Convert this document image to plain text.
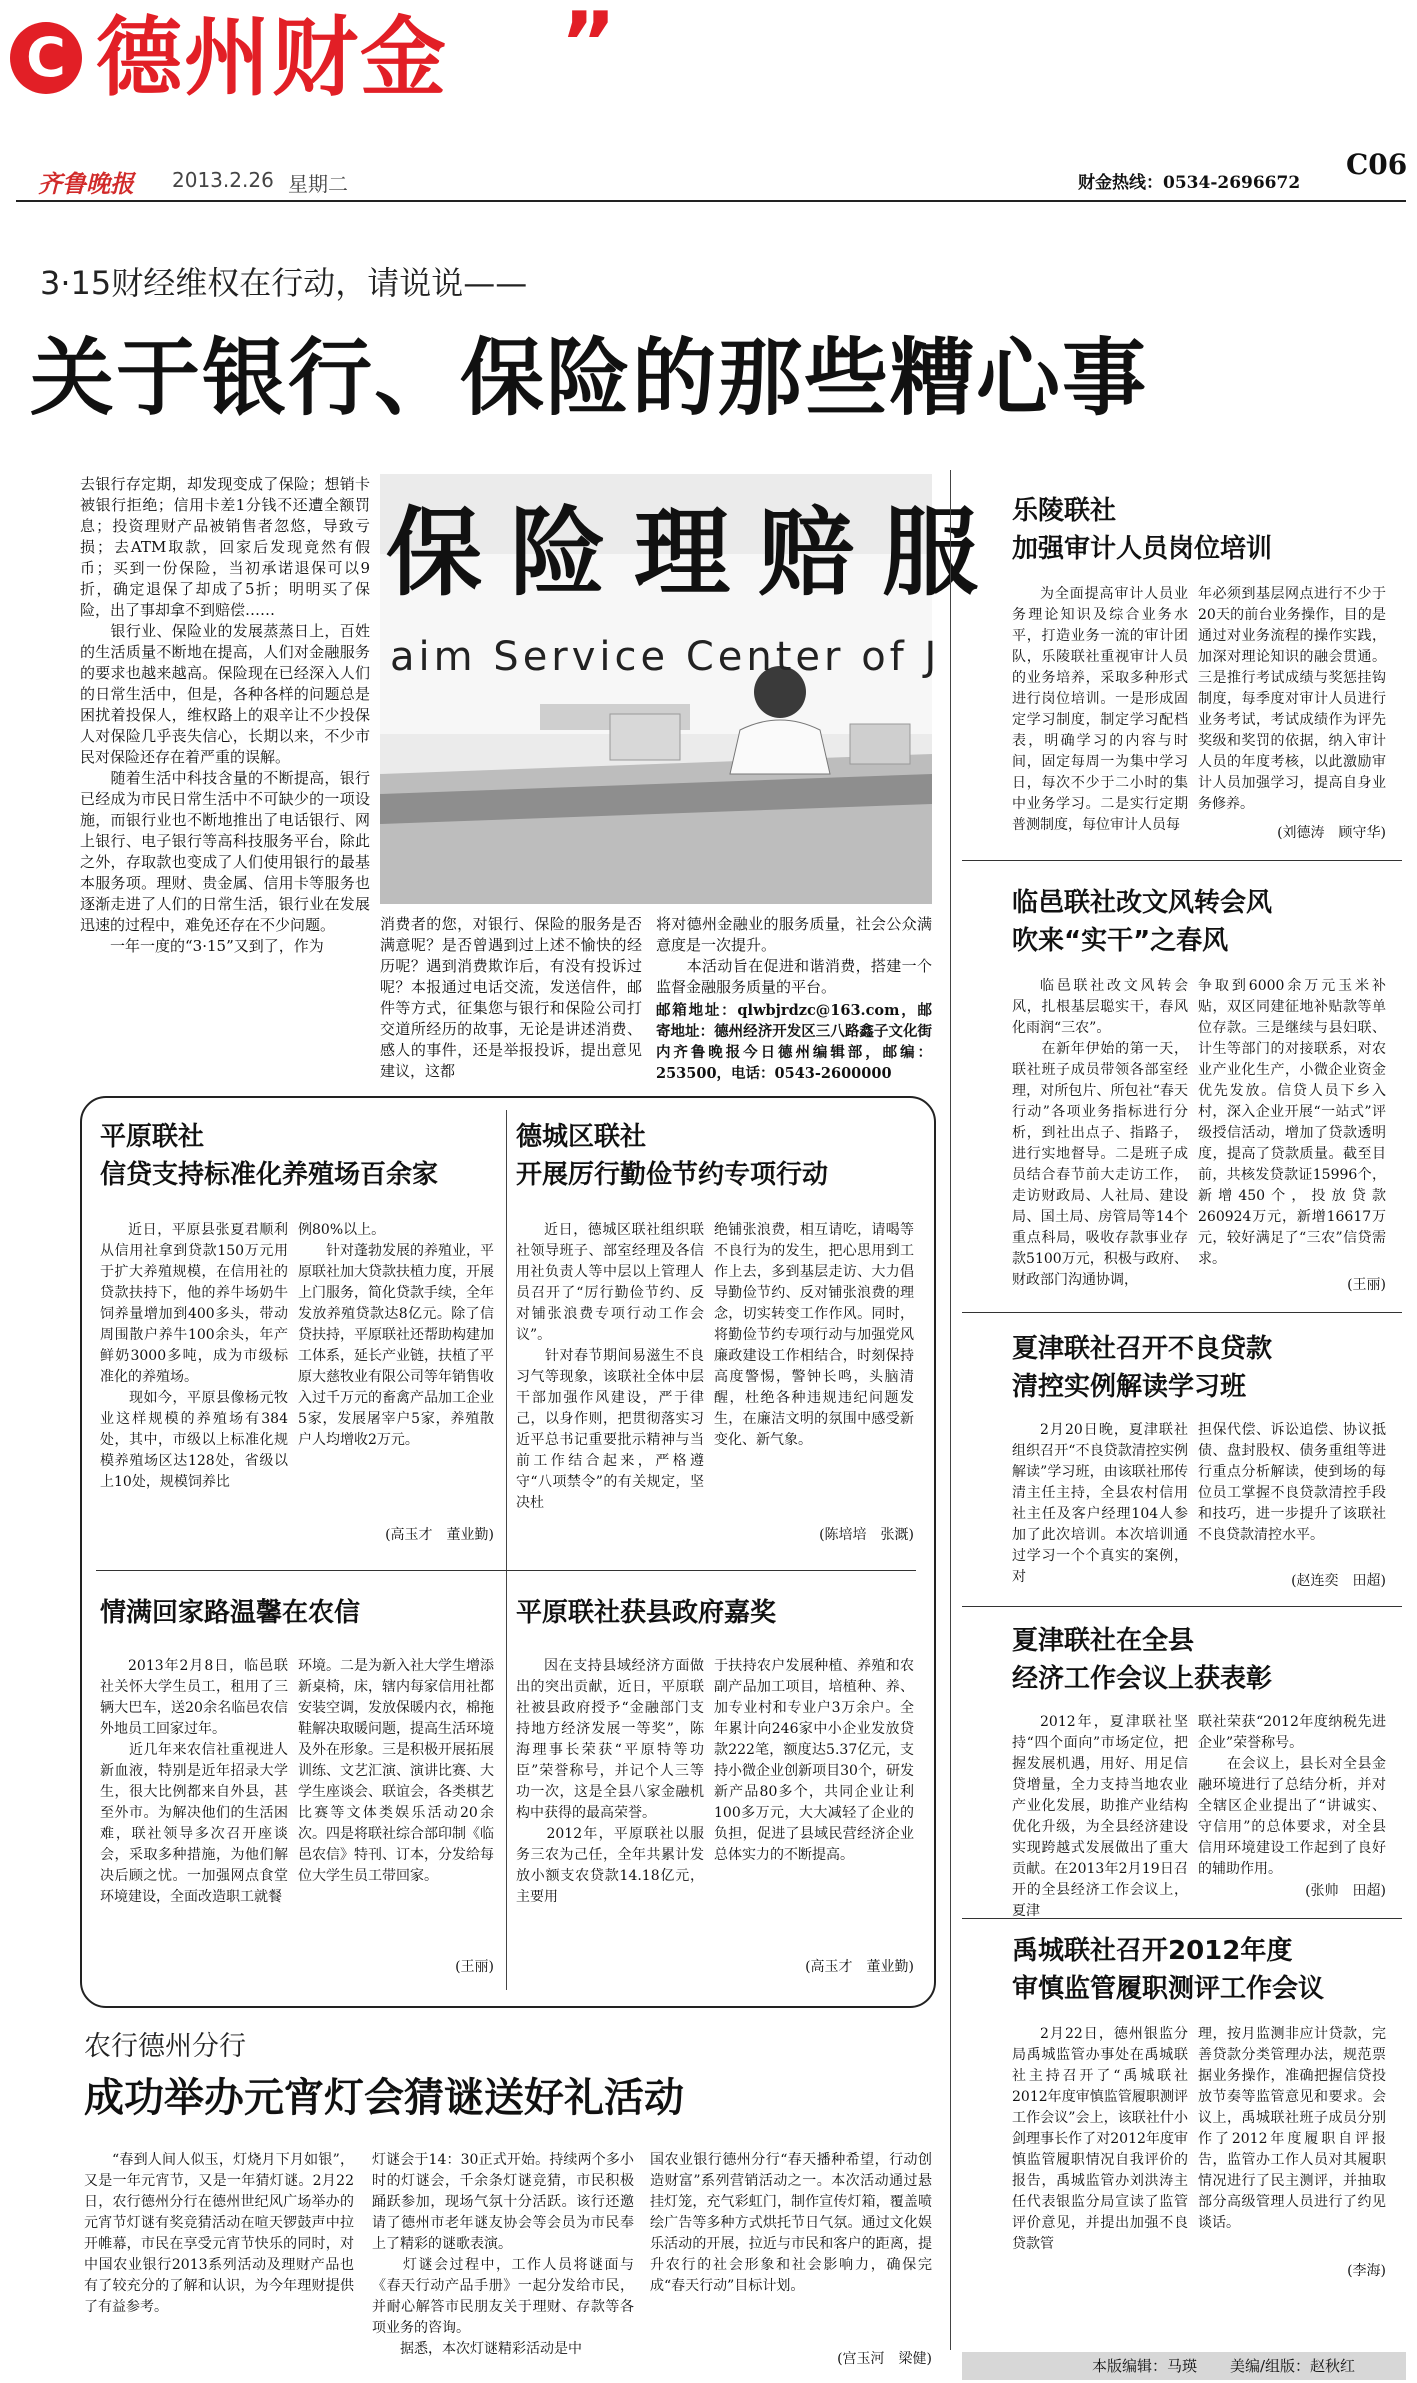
C 德州财金 ”
齐鲁晚报 2013.2.26 星期二	财金热线：0534-2696672
C06
3·15财经维权在行动，请说说——
关于银行、保险的那些糟心事
去银行存定期，却发现变成了保险；想销卡被银行拒绝；信用卡差1分钱不还遭全额罚息；投资理财产品被销售者忽悠，导致亏损；去ATM取款，回家后发现竟然有假币；买到一份保险，当初承诺退保可以9折，确定退保了却成了5折；明明买了保险，出了事却拿不到赔偿……
　　银行业、保险业的发展蒸蒸日上，百姓的生活质量不断地在提高，人们对金融服务的要求也越来越高。保险现在已经深入人们的日常生活中，但是，各种各样的问题总是困扰着投保人，维权路上的艰辛让不少投保人对保险几乎丧失信心，长期以来，不少市民对保险还存在着严重的误解。
　　随着生活中科技含量的不断提高，银行已经成为市民日常生活中不可缺少的一项设施，而银行业也不断地推出了电话银行、网上银行、电子银行等高科技服务平台，除此之外，存取款也变成了人们使用银行的最基本服务项。理财、贵金属、信用卡等服务也逐渐走进了人们的日常生活，银行业在发展迅速的过程中，难免还存在不少问题。
　　一年一度的“3·15”又到了，作为
保险理赔服
aim Service Center of J
消费者的您，对银行、保险的服务是否满意呢？是否曾遇到过上述不愉快的经历呢？遇到消费欺诈后，有没有投诉过呢？本报通过电话交流，发送信件，邮件等方式，征集您与银行和保险公司打交道所经历的故事，无论是讲述消费、感人的事件，还是举报投诉，提出意见建议，这都
将对德州金融业的服务质量，社会公众满意度是一次提升。
　　本活动旨在促进和谐消费，搭建一个监督金融服务质量的平台。
邮箱地址：qlwbjrdzc@163.com，邮寄地址：德州经济开发区三八路鑫子文化街内齐鲁晚报今日德州编辑部，邮编：253500，电话：0543-2600000
乐陵联社
加强审计人员岗位培训
为全面提高审计人员业务理论知识及综合业务水平，打造业务一流的审计团队，乐陵联社重视审计人员的业务培养，采取多种形式进行岗位培训。一是形成固定学习制度，制定学习配档表，明确学习的内容与时间，固定每周一为集中学习日，每次不少于二小时的集中业务学习。二是实行定期普测制度，每位审计人员每
年必须到基层网点进行不少于20天的前台业务操作，目的是通过对业务流程的操作实践，加深对理论知识的融会贯通。三是推行考试成绩与奖惩挂钩制度，每季度对审计人员进行业务考试，考试成绩作为评先奖级和奖罚的依据，纳入审计人员的年度考核，以此激励审计人员加强学习，提高自身业务修养。
(刘德涛　顾守华)
临邑联社改文风转会风
吹来“实干”之春风
临邑联社改文风转会风，扎根基层聪实干，春风化雨润“三农”。
　　在新年伊始的第一天，联社班子成员带领各部室经理，对所包片、所包社“春天行动”各项业务指标进行分析，到社出点子、指路子，进行实地督导。二是班子成员结合春节前大走访工作，走访财政局、人社局、建设局、国土局、房管局等14个重点科局，吸收存款事业存款5100万元，积极与政府、财政部门沟通协调，
争取到6000余万元玉米补贴，双区同建征地补贴款等单位存款。三是继续与县妇联、计生等部门的对接联系，对农业产业化生产，小微企业资金优先发放。信贷人员下乡入村，深入企业开展“一站式”评级授信活动，增加了贷款透明度，提高了贷款质量。截至目前，共核发贷款证15996个，新增450个，投放贷款260924万元，新增16617万元，较好满足了“三农”信贷需求。
(王丽)
夏津联社召开不良贷款
清控实例解读学习班
2月20日晚，夏津联社组织召开“不良贷款清控实例解读”学习班，由该联社邢传清主任主持，全县农村信用社主任及客户经理104人参加了此次培训。本次培训通过学习一个个真实的案例，对
担保代偿、诉讼追偿、协议抵债、盘封股权、债务重组等进行重点分析解读，使到场的每位员工掌握不良贷款清控手段和技巧，进一步提升了该联社不良贷款清控水平。
(赵连奕　田超)
夏津联社在全县
经济工作会议上获表彰
2012年，夏津联社坚持“四个面向”市场定位，把握发展机遇，用好、用足信贷增量，全力支持当地农业产业化发展，助推产业结构优化升级，为全县经济建设实现跨越式发展做出了重大贡献。在2013年2月19日召开的全县经济工作会议上，夏津
联社荣获“2012年度纳税先进企业”荣誉称号。
　　在会议上，县长对全县金融环境进行了总结分析，并对全辖区企业提出了“讲诚实、守信用”的总体要求，对全县信用环境建设工作起到了良好的辅助作用。
(张帅　田超)
禹城联社召开2012年度
审慎监管履职测评工作会议
2月22日，德州银监分局禹城监管办事处在禹城联社主持召开了“禹城联社2012年度审慎监管履职测评工作会议”会上，该联社什小剑理事长作了对2012年度审慎监管履职情况自我评价的报告，禹城监管办刘洪涛主任代表银监分局宣读了监管评价意见，并提出加强不良贷款管
理，按月监测非应计贷款，完善贷款分类管理办法，规范票据业务操作，准确把握信贷投放节奏等监管意见和要求。会议上，禹城联社班子成员分别作了2012年度履职自评报告，监管办工作人员对其履职情况进行了民主测评，并抽取部分高级管理人员进行了约见谈话。
(李海)
平原联社
信贷支持标准化养殖场百余家
近日，平原县张夏君顺利从信用社拿到贷款150万元用于扩大养殖规模，在信用社的贷款扶持下，他的养牛场奶牛饲养量增加到400多头，带动周围散户养牛100余头，年产鲜奶3000多吨，成为市级标准化的养殖场。
　　现如今，平原县像杨元牧业这样规模的养殖场有384处，其中，市级以上标准化规模养殖场区达128处，省级以上10处，规模饲养比
例80%以上。
　　针对蓬勃发展的养殖业，平原联社加大贷款扶植力度，开展上门服务，简化贷款手续，全年发放养殖贷款达8亿元。除了信贷扶持，平原联社还帮助构建加工体系，延长产业链，扶植了平原大慈牧业有限公司等年销售收入过千万元的畜禽产品加工企业5家，发展屠宰户5家，养殖散户人均增收2万元。
(高玉才　董业勤)
德城区联社
开展厉行勤俭节约专项行动
近日，德城区联社组织联社领导班子、部室经理及各信用社负责人等中层以上管理人员召开了“厉行勤俭节约、反对铺张浪费专项行动工作会议”。
　　针对春节期间易滋生不良习气等现象，该联社全体中层干部加强作风建设，严于律己，以身作则，把贯彻落实习近平总书记重要批示精神与当前工作结合起来，严格遵守“八项禁令”的有关规定，坚决杜
绝铺张浪费，相互请吃，请喝等不良行为的发生，把心思用到工作上去，多到基层走访、大力倡导勤俭节约、反对铺张浪费的理念，切实转变工作作风。同时，将勤俭节约专项行动与加强党风廉政建设工作相结合，时刻保持高度警惕，警钟长鸣，头脑清醒，杜绝各种违规违纪问题发生，在廉洁文明的氛围中感受新变化、新气象。
(陈培培　张溉)
情满回家路温馨在农信
2013年2月8日，临邑联社关怀大学生员工，租用了三辆大巴车，送20余名临邑农信外地员工回家过年。
　　近几年来农信社重视进人新血液，特别是近年招录大学生，很大比例都来自外县，甚至外市。为解决他们的生活困难，联社领导多次召开座谈会，采取多种措施，为他们解决后顾之忧。一加强网点食堂环境建设，全面改造职工就餐
环境。二是为新入社大学生增添新桌椅，床，辖内每家信用社都安装空调，发放保暖内衣，棉拖鞋解决取暖问题，提高生活环境及外在形象。三是积极开展拓展训练、文艺汇演、演讲比赛、大学生座谈会、联谊会，各类棋艺比赛等文体类娱乐活动20余次。四是将联社综合部印制《临邑农信》特刊、订本，分发给每位大学生员工带回家。
(王丽)
平原联社获县政府嘉奖
因在支持县域经济方面做出的突出贡献，近日，平原联社被县政府授予“金融部门支持地方经济发展一等奖”，陈海理事长荣获“平原特等功臣”荣誉称号，并记个人三等功一次，这是全县八家金融机构中获得的最高荣誉。
　　2012年，平原联社以服务三农为己任，全年共累计发放小额支农贷款14.18亿元，主要用
于扶持农户发展种植、养殖和农副产品加工项目，培植种、养、加专业村和专业户3万余户。全年累计向246家中小企业发放贷款222笔，额度达5.37亿元，支持小微企业创新项目30个，研发新产品80多个，共同企业让利100多万元，大大减轻了企业的负担，促进了县域民营经济企业总体实力的不断提高。
(高玉才　董业勤)
农行德州分行
成功举办元宵灯会猜谜送好礼活动
“春到人间人似玉，灯烧月下月如银”，又是一年元宵节，又是一年猜灯谜。2月22日，农行德州分行在德州世纪风广场举办的元宵节灯谜有奖竞猜活动在喧天锣鼓声中拉开帷幕，市民在享受元宵节快乐的同时，对中国农业银行2013系列活动及理财产品也有了较充分的了解和认识，为今年理财提供了有益参考。
灯谜会于14：30正式开始。持续两个多小时的灯谜会，千余条灯谜竞猜，市民积极踊跃参加，现场气氛十分活跃。该行还邀请了德州市老年谜友协会等会员为市民奉上了精彩的谜歌表演。
　　灯谜会过程中，工作人员将谜面与《春天行动产品手册》一起分发给市民，并耐心解答市民朋友关于理财、存款等各项业务的咨询。
　　据悉，本次灯谜精彩活动是中
国农业银行德州分行“春天播种希望，行动创造财富”系列营销活动之一。本次活动通过悬挂灯笼，充气彩虹门，制作宣传灯箱，覆盖喷绘广告等多种方式烘托节日气氛。通过文化娱乐活动的开展，拉近与市民和客户的距离，提升农行的社会形象和社会影响力，确保完成“春天行动”目标计划。
(宫玉河　梁健)	本版编辑：马瑛 美编/组版：赵秋红
